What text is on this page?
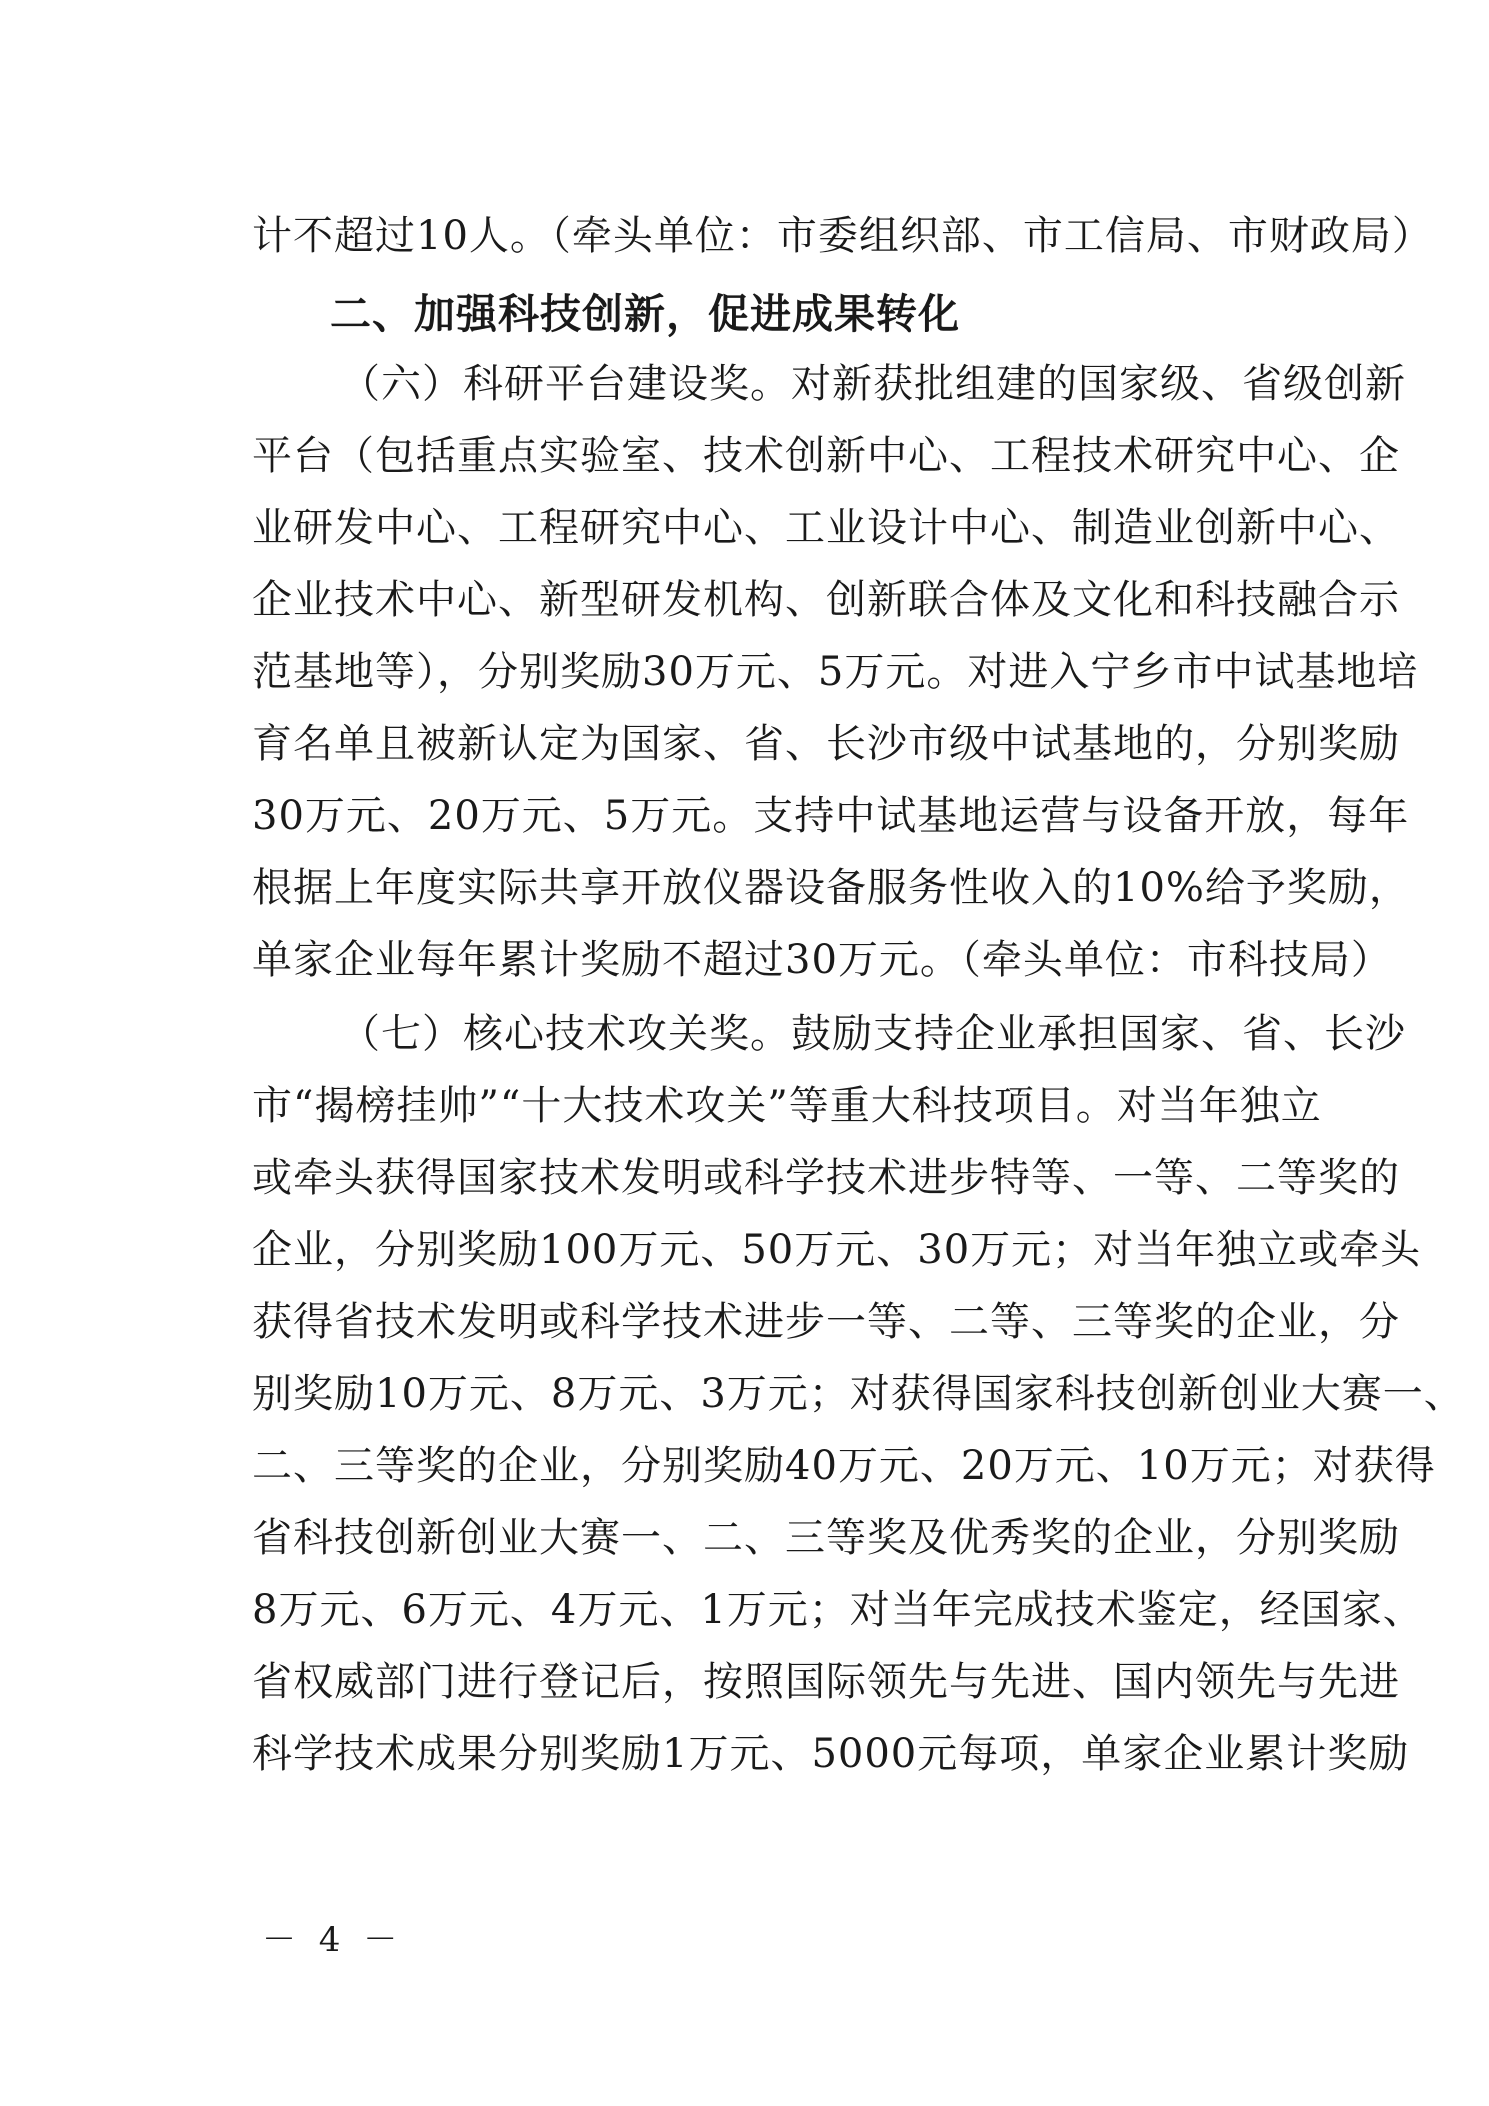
计不超过10人。（牵头单位：市委组织部、市工信局、市财政局）
二、加强科技创新，促进成果转化
（六）科研平台建设奖。对新获批组建的国家级、省级创新
平台（包括重点实验室、技术创新中心、工程技术研究中心、企
业研发中心、工程研究中心、工业设计中心、制造业创新中心、
企业技术中心、新型研发机构、创新联合体及文化和科技融合示
范基地等），分别奖励30万元、5万元。对进入宁乡市中试基地培
育名单且被新认定为国家、省、长沙市级中试基地的，分别奖励
30万元、20万元、5万元。支持中试基地运营与设备开放，每年
根据上年度实际共享开放仪器设备服务性收入的10%给予奖励，
单家企业每年累计奖励不超过30万元。（牵头单位：市科技局）
（七）核心技术攻关奖。鼓励支持企业承担国家、省、长沙
市“揭榜挂帅”“十大技术攻关”等重大科技项目。对当年独立
或牵头获得国家技术发明或科学技术进步特等、一等、二等奖的
企业，分别奖励100万元、50万元、30万元；对当年独立或牵头
获得省技术发明或科学技术进步一等、二等、三等奖的企业，分
别奖励10万元、8万元、3万元；对获得国家科技创新创业大赛一、
二、三等奖的企业，分别奖励40万元、20万元、10万元；对获得
省科技创新创业大赛一、二、三等奖及优秀奖的企业，分别奖励
8万元、6万元、4万元、1万元；对当年完成技术鉴定，经国家、
省权威部门进行登记后，按照国际领先与先进、国内领先与先进
科学技术成果分别奖励1万元、5000元每项，单家企业累计奖励
－ 4 －
